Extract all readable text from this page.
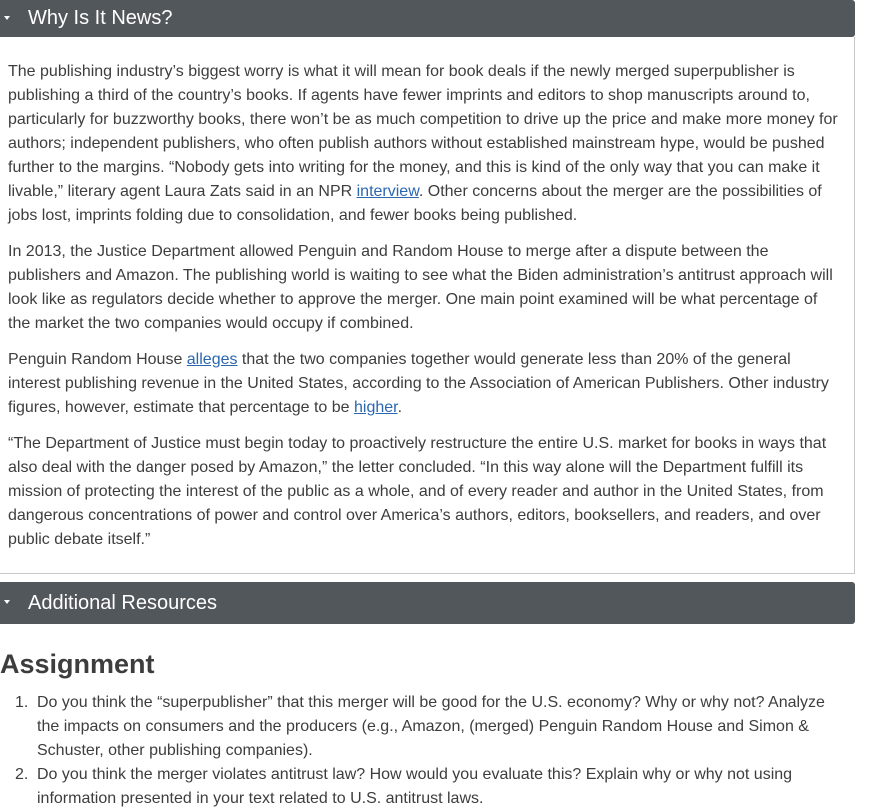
Why Is It News?

The publishing industry’s biggest worry is what it will mean for book deals if the newly merged superpublisher is publishing a third of the country’s books. If agents have fewer imprints and editors to shop manuscripts around to, particularly for buzzworthy books, there won’t be as much competition to drive up the price and make more money for authors; independent publishers, who often publish authors without established mainstream hype, would be pushed further to the margins. “Nobody gets into writing for the money, and this is kind of the only way that you can make it livable,” literary agent Laura Zats said in an NPR interview. Other concerns about the merger are the possibilities of jobs lost, imprints folding due to consolidation, and fewer books being published.

In 2013, the Justice Department allowed Penguin and Random House to merge after a dispute between the publishers and Amazon. The publishing world is waiting to see what the Biden administration’s antitrust approach will look like as regulators decide whether to approve the merger. One main point examined will be what percentage of the market the two companies would occupy if combined.

Penguin Random House alleges that the two companies together would generate less than 20% of the general interest publishing revenue in the United States, according to the Association of American Publishers. Other industry figures, however, estimate that percentage to be higher.

“The Department of Justice must begin today to proactively restructure the entire U.S. market for books in ways that also deal with the danger posed by Amazon,” the letter concluded. “In this way alone will the Department fulfill its mission of protecting the interest of the public as a whole, and of every reader and author in the United States, from dangerous concentrations of power and control over America’s authors, editors, booksellers, and readers, and over public debate itself.”

Additional Resources
Assignment
1. Do you think the “superpublisher” that this merger will be good for the U.S. economy? Why or why not? Analyze the impacts on consumers and the producers (e.g., Amazon, (merged) Penguin Random House and Simon & Schuster, other publishing companies).
2. Do you think the merger violates antitrust law? How would you evaluate this? Explain why or why not using information presented in your text related to U.S. antitrust laws.
